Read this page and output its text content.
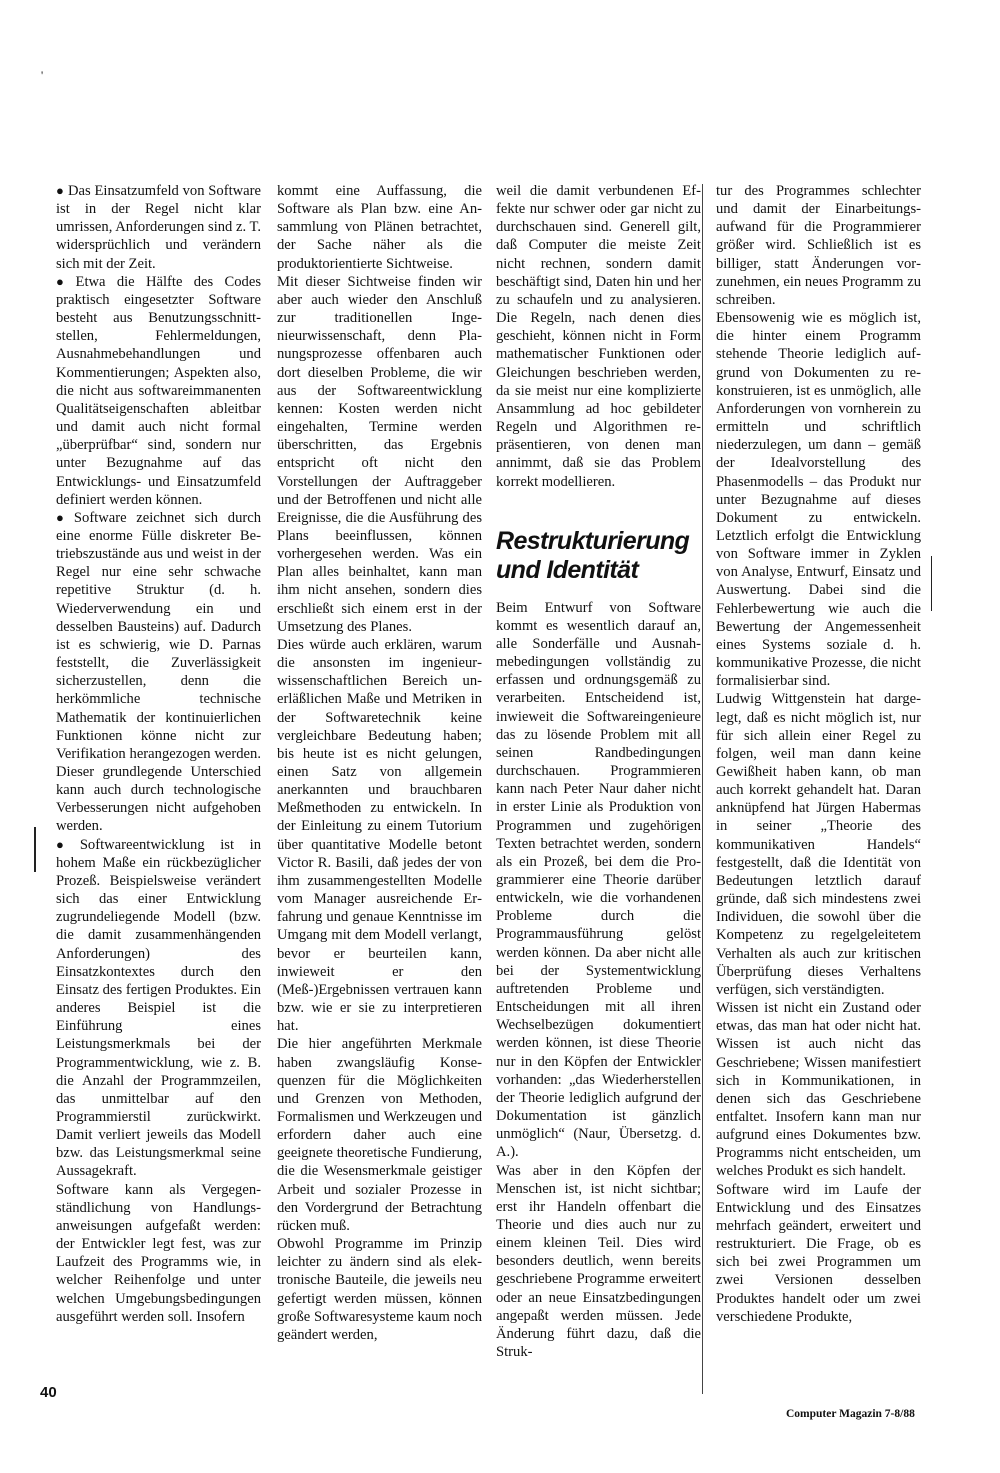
'

● Das Einsatzumfeld von Software ist in der Regel nicht klar umrissen, Anforderungen sind z. T. widersprüchlich und verändern sich mit der Zeit.

● Etwa die Hälfte des Codes praktisch eingesetzter Software besteht aus Benutzungsschnittstellen, Fehlermeldungen, Ausnahmebehandlungen und Kommentierungen; Aspekten also, die nicht aus softwareimmanenten Qualitätseigenschaften ableitbar und damit auch nicht formal „überprüfbar“ sind, sondern nur unter Bezugnahme auf das Entwicklungs- und Einsatzumfeld definiert werden können.

● Software zeichnet sich durch eine enorme Fülle diskreter Betriebszustände aus und weist in der Regel nur eine sehr schwache repetitive Struktur (d. h. Wiederverwendung ein und desselben Bausteins) auf. Dadurch ist es schwierig, wie D. Parnas feststellt, die Zuverlässigkeit sicherzustellen, denn die herkömmliche technische Mathematik der kontinuierlichen Funktionen könne nicht zur Verifikation herangezogen werden. Dieser grundlegende Unterschied kann auch durch technologische Verbesserungen nicht aufgehoben werden.

● Softwareentwicklung ist in hohem Maße ein rückbezüglicher Prozeß. Beispielsweise verändert sich das einer Entwicklung zugrundeliegende Modell (bzw. die damit zusammenhängenden Anforderungen) des Einsatzkontextes durch den Einsatz des fertigen Produktes. Ein anderes Beispiel ist die Einführung eines Leistungsmerkmals bei der Programmentwicklung, wie z. B. die Anzahl der Programmzeilen, das unmittelbar auf den Programmierstil zurückwirkt. Damit verliert jeweils das Modell bzw. das Leistungsmerkmal seine Aussagekraft.

Software kann als Vergegenständlichung von Handlungsanweisungen aufgefaßt werden: der Entwickler legt fest, was zur Laufzeit des Programms wie, in welcher Reihenfolge und unter welchen Umgebungsbedingungen ausgeführt werden soll. Insofern

kommt eine Auffassung, die Software als Plan bzw. eine Ansammlung von Plänen betrachtet, der Sache näher als die produktorientierte Sichtweise.

Mit dieser Sichtweise finden wir aber auch wieder den Anschluß zur traditionellen Ingenieurwissenschaft, denn Planungsprozesse offenbaren auch dort dieselben Probleme, die wir aus der Softwareentwicklung kennen: Kosten werden nicht eingehalten, Termine werden überschritten, das Ergebnis entspricht oft nicht den Vorstellungen der Auftraggeber und der Betroffenen und nicht alle Ereignisse, die die Ausführung des Plans beeinflussen, können vorhergesehen werden. Was ein Plan alles beinhaltet, kann man ihm nicht ansehen, sondern dies erschließt sich einem erst in der Umsetzung des Planes.

Dies würde auch erklären, warum die ansonsten im ingenieurwissenschaftlichen Bereich unerläßlichen Maße und Metriken in der Softwaretechnik keine vergleichbare Bedeutung haben; bis heute ist es nicht gelungen, einen Satz von allgemein anerkannten und brauchbaren Meßmethoden zu entwickeln. In der Einleitung zu einem Tutorium über quantitative Modelle betont Victor R. Basili, daß jedes der von ihm zusammengestellten Modelle vom Manager ausreichende Erfahrung und genaue Kenntnisse im Umgang mit dem Modell verlangt, bevor er beurteilen kann, inwieweit er den (Meß-)Ergebnissen vertrauen kann bzw. wie er sie zu interpretieren hat.

Die hier angeführten Merkmale haben zwangsläufig Konsequenzen für die Möglichkeiten und Grenzen von Methoden, Formalismen und Werkzeugen und erfordern daher auch eine geeignete theoretische Fundierung, die die Wesensmerkmale geistiger Arbeit und sozialer Prozesse in den Vordergrund der Betrachtung rücken muß.

Obwohl Programme im Prinzip leichter zu ändern sind als elektronische Bauteile, die jeweils neu gefertigt werden müssen, können große Softwaresysteme kaum noch geändert werden,

weil die damit verbundenen Effekte nur schwer oder gar nicht zu durchschauen sind. Generell gilt, daß Computer die meiste Zeit nicht rechnen, sondern damit beschäftigt sind, Daten hin und her zu schaufeln und zu analysieren. Die Regeln, nach denen dies geschieht, können nicht in Form mathematischer Funktionen oder Gleichungen beschrieben werden, da sie meist nur eine komplizierte Ansammlung ad hoc gebildeter Regeln und Algorithmen repräsentieren, von denen man annimmt, daß sie das Problem korrekt modellieren.

Restrukturierung
und Identität

Beim Entwurf von Software kommt es wesentlich darauf an, alle Sonderfälle und Ausnahmebedingungen vollständig zu erfassen und ordnungsgemäß zu verarbeiten. Entscheidend ist, inwieweit die Softwareingenieure das zu lösende Problem mit all seinen Randbedingungen durchschauen. Programmieren kann nach Peter Naur daher nicht in erster Linie als Produktion von Programmen und zugehörigen Texten betrachtet werden, sondern als ein Prozeß, bei dem die Programmierer eine Theorie darüber entwickeln, wie die vorhandenen Probleme durch die Programmausführung gelöst werden können. Da aber nicht alle bei der Systementwicklung auftretenden Probleme und Entscheidungen mit all ihren Wechselbezügen dokumentiert werden können, ist diese Theorie nur in den Köpfen der Entwickler vorhanden: „das Wiederherstellen der Theorie lediglich aufgrund der Dokumentation ist gänzlich unmöglich“ (Naur, Übersetzg. d. A.).

Was aber in den Köpfen der Menschen ist, ist nicht sichtbar; erst ihr Handeln offenbart die Theorie und dies auch nur zu einem kleinen Teil. Dies wird besonders deutlich, wenn bereits geschriebene Programme erweitert oder an neue Einsatzbedingungen angepaßt werden müssen. Jede Änderung führt dazu, daß die Struk-

tur des Programmes schlechter und damit der Einarbeitungsaufwand für die Programmierer größer wird. Schließlich ist es billiger, statt Änderungen vorzunehmen, ein neues Programm zu schreiben.

Ebensowenig wie es möglich ist, die hinter einem Programm stehende Theorie lediglich aufgrund von Dokumenten zu rekonstruieren, ist es unmöglich, alle Anforderungen von vornherein zu ermitteln und schriftlich niederzulegen, um dann – gemäß der Idealvorstellung des Phasenmodells – das Produkt nur unter Bezugnahme auf dieses Dokument zu entwickeln. Letztlich erfolgt die Entwicklung von Software immer in Zyklen von Analyse, Entwurf, Einsatz und Auswertung. Dabei sind die Fehlerbewertung wie auch die Bewertung der Angemessenheit eines Systems soziale d. h. kommunikative Prozesse, die nicht formalisierbar sind.

Ludwig Wittgenstein hat dargelegt, daß es nicht möglich ist, nur für sich allein einer Regel zu folgen, weil man dann keine Gewißheit haben kann, ob man auch korrekt gehandelt hat. Daran anknüpfend hat Jürgen Habermas in seiner „Theorie des kommunikativen Handels“ festgestellt, daß die Identität von Bedeutungen letztlich darauf gründe, daß sich mindestens zwei Individuen, die sowohl über die Kompetenz zu regelgeleitetem Verhalten als auch zur kritischen Überprüfung dieses Verhaltens verfügen, sich verständigten.

Wissen ist nicht ein Zustand oder etwas, das man hat oder nicht hat. Wissen ist auch nicht das Geschriebene; Wissen manifestiert sich in Kommunikationen, in denen sich das Geschriebene entfaltet. Insofern kann man nur aufgrund eines Dokumentes bzw. Programms nicht entscheiden, um welches Produkt es sich handelt.

Software wird im Laufe der Entwicklung und des Einsatzes mehrfach geändert, erweitert und restrukturiert. Die Frage, ob es sich bei zwei Programmen um zwei Versionen desselben Produktes handelt oder um zwei verschiedene Produkte,

40
Computer Magazin 7-8/88
